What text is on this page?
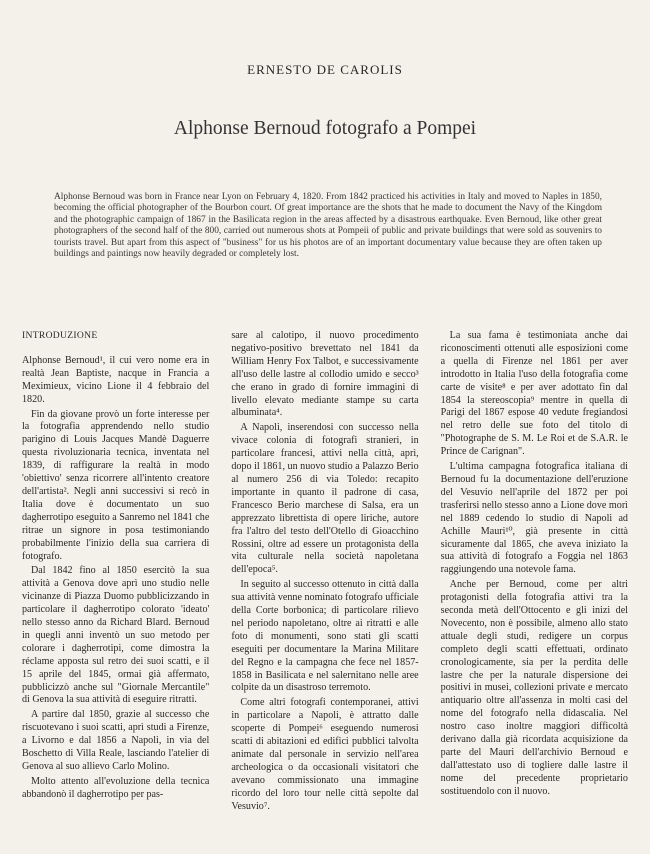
ERNESTO DE CAROLIS
Alphonse Bernoud fotografo a Pompei
Alphonse Bernoud was born in France near Lyon on February 4, 1820. From 1842 practiced his activities in Italy and moved to Naples in 1850, becoming the official photographer of the Bourbon court. Of great importance are the shots that he made to document the Navy of the Kingdom and the photographic campaign of 1867 in the Basilicata region in the areas affected by a disastrous earthquake. Even Bernoud, like other great photographers of the second half of the 800, carried out numerous shots at Pompeii of public and private buildings that were sold as souvenirs to tourists travel. But apart from this aspect of "business" for us his photos are of an important documentary value because they are often taken up buildings and paintings now heavily degraded or completely lost.
INTRODUZIONE

Alphonse Bernoud¹, il cui vero nome era in realtà Jean Baptiste, nacque in Francia a Meximieux, vicino Lione il 4 febbraio del 1820.

Fin da giovane provò un forte interesse per la fotografia apprendendo nello studio parigino di Louis Jacques Mandè Daguerre questa rivoluzionaria tecnica, inventata nel 1839, di raffigurare la realtà in modo 'obiettivo' senza ricorrere all'intento creatore dell'artista². Negli anni successivi si recò in Italia dove è documentato un suo dagherrotipo eseguito a Sanremo nel 1841 che ritrae un signore in posa testimoniando probabilmente l'inizio della sua carriera di fotografo.

Dal 1842 fino al 1850 esercitò la sua attività a Genova dove aprì uno studio nelle vicinanze di Piazza Duomo pubblicizzando in particolare il dagherrotipo colorato 'ideato' nello stesso anno da Richard Blard. Bernoud in quegli anni inventò un suo metodo per colorare i dagherrotipi, come dimostra la réclame apposta sul retro dei suoi scatti, e il 15 aprile del 1845, ormai già affermato, pubblicizzò anche sul "Giornale Mercantile" di Genova la sua attività di eseguire ritratti.

A partire dal 1850, grazie al successo che riscuotevano i suoi scatti, aprì studi a Firenze, a Livorno e dal 1856 a Napoli, in via del Boschetto di Villa Reale, lasciando l'atelier di Genova al suo allievo Carlo Molino.

Molto attento all'evoluzione della tecnica abbandonò il dagherrotipo per pas-

sare al calotipo, il nuovo procedimento negativo-positivo brevettato nel 1841 da William Henry Fox Talbot, e successivamente all'uso delle lastre al collodio umido e secco³ che erano in grado di fornire immagini di livello elevato mediante stampe su carta albuminata⁴.

A Napoli, inserendosi con successo nella vivace colonia di fotografi stranieri, in particolare francesi, attivi nella città, aprì, dopo il 1861, un nuovo studio a Palazzo Berio al numero 256 di via Toledo: recapito importante in quanto il padrone di casa, Francesco Berio marchese di Salsa, era un apprezzato librettista di opere liriche, autore fra l'altro del testo dell'Otello di Gioacchino Rossini, oltre ad essere un protagonista della vita culturale nella società napoletana dell'epoca⁵.

In seguito al successo ottenuto in città dalla sua attività venne nominato fotografo ufficiale della Corte borbonica; di particolare rilievo nel periodo napoletano, oltre ai ritratti e alle foto di monumenti, sono stati gli scatti eseguiti per documentare la Marina Militare del Regno e la campagna che fece nel 1857-1858 in Basilicata e nel salernitano nelle aree colpite da un disastroso terremoto.

Come altri fotografi contemporanei, attivi in particolare a Napoli, è attratto dalle scoperte di Pompei⁶ eseguendo numerosi scatti di abitazioni ed edifici pubblici talvolta animate dal personale in servizio nell'area archeologica o da occasionali visitatori che avevano commissionato una immagine ricordo del loro tour nelle città sepolte dal Vesuvio⁷.

La sua fama è testimoniata anche dai riconoscimenti ottenuti alle esposizioni come a quella di Firenze nel 1861 per aver introdotto in Italia l'uso della fotografia come carte de visite⁸ e per aver adottato fin dal 1854 la stereoscopia⁹ mentre in quella di Parigi del 1867 espose 40 vedute fregiandosi nel retro delle sue foto del titolo di "Photographe de S. M. Le Roi et de S.A.R. le Prince de Carignan".

L'ultima campagna fotografica italiana di Bernoud fu la documentazione dell'eruzione del Vesuvio nell'aprile del 1872 per poi trasferirsi nello stesso anno a Lione dove morì nel 1889 cedendo lo studio di Napoli ad Achille Mauri¹⁰, già presente in città sicuramente dal 1865, che aveva iniziato la sua attività di fotografo a Foggia nel 1863 raggiungendo una notevole fama.

Anche per Bernoud, come per altri protagonisti della fotografia attivi tra la seconda metà dell'Ottocento e gli inizi del Novecento, non è possibile, almeno allo stato attuale degli studi, redigere un corpus completo degli scatti effettuati, ordinato cronologicamente, sia per la perdita delle lastre che per la naturale dispersione dei positivi in musei, collezioni private e mercato antiquario oltre all'assenza in molti casi del nome del fotografo nella didascalia. Nel nostro caso inoltre maggiori difficoltà derivano dalla già ricordata acquisizione da parte del Mauri dell'archivio Bernoud e dall'attestato uso di togliere dalle lastre il nome del precedente proprietario sostituendolo con il nuovo.
